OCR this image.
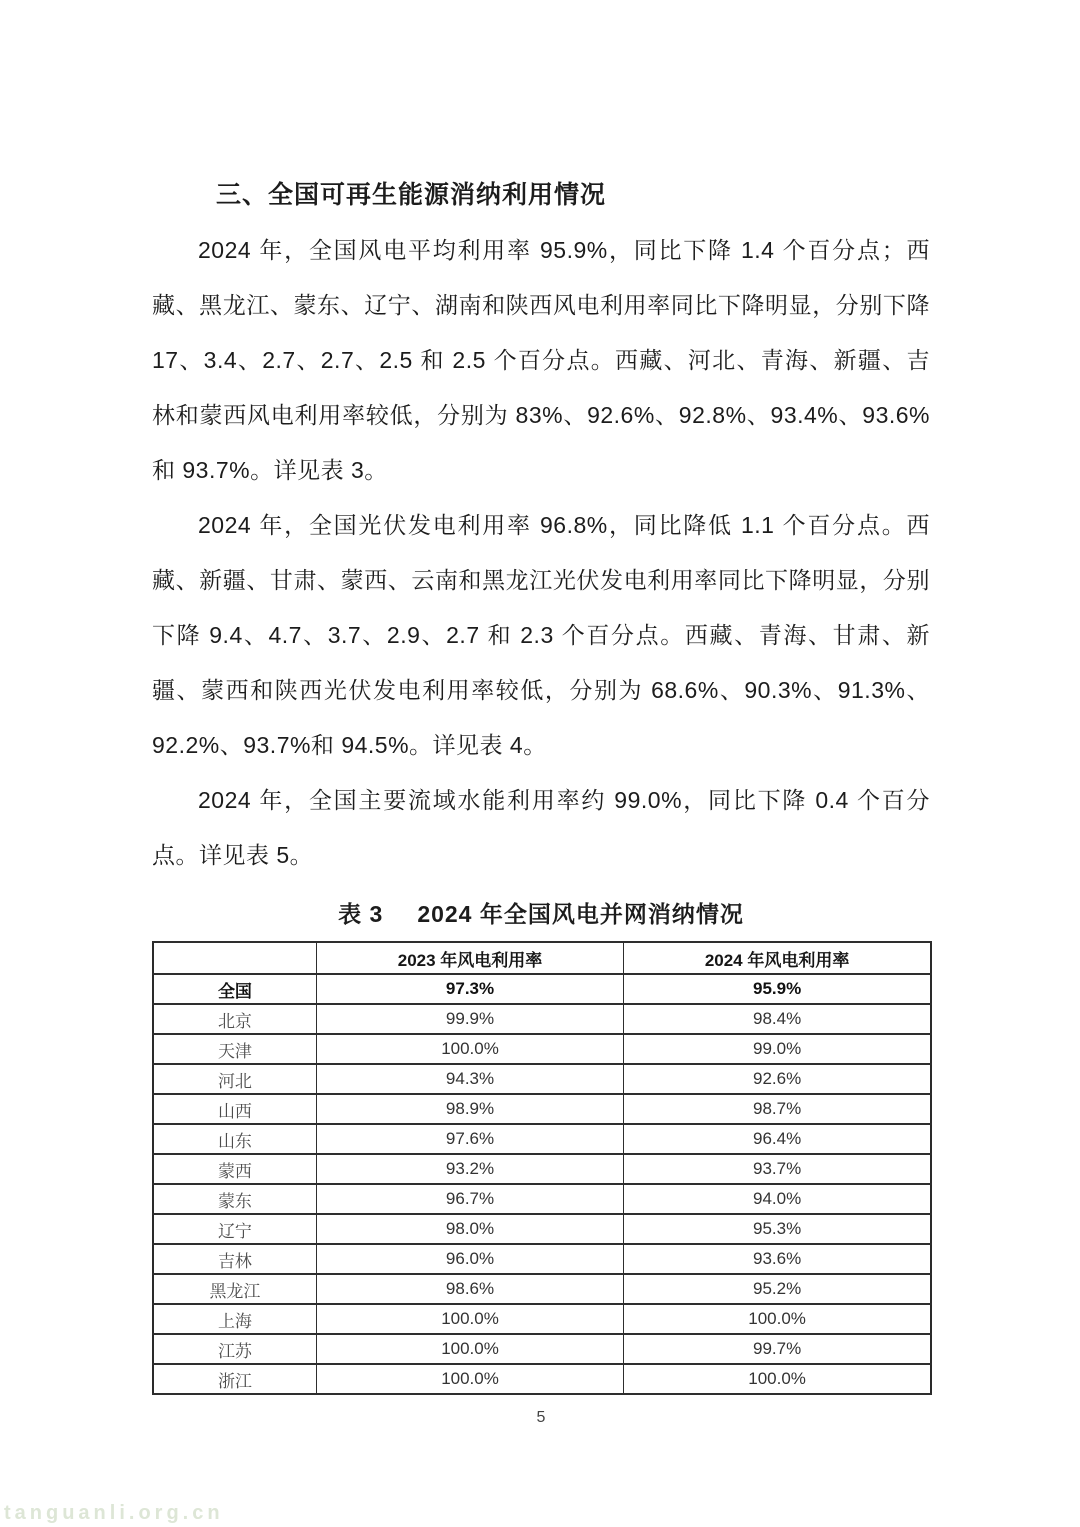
三、全国可再生能源消纳利用情况
2024 年，全国风电平均利用率 95.9%，同比下降 1.4 个百分点；西藏、黑龙江、蒙东、辽宁、湖南和陕西风电利用率同比下降明显，分别下降 17、3.4、2.7、2.7、2.5 和 2.5 个百分点。西藏、河北、青海、新疆、吉林和蒙西风电利用率较低，分别为 83%、92.6%、92.8%、93.4%、93.6%和 93.7%。详见表 3。
2024 年，全国光伏发电利用率 96.8%，同比降低 1.1 个百分点。西藏、新疆、甘肃、蒙西、云南和黑龙江光伏发电利用率同比下降明显，分别下降 9.4、4.7、3.7、2.9、2.7 和 2.3 个百分点。西藏、青海、甘肃、新疆、蒙西和陕西光伏发电利用率较低，分别为 68.6%、90.3%、91.3%、92.2%、93.7%和 94.5%。详见表 4。
2024 年，全国主要流域水能利用率约 99.0%，同比下降 0.4 个百分点。详见表 5。
表 3 2024 年全国风电并网消纳情况
	2023 年风电利用率	2024 年风电利用率
全国	97.3%	95.9%
北京	99.9%	98.4%
天津	100.0%	99.0%
河北	94.3%	92.6%
山西	98.9%	98.7%
山东	97.6%	96.4%
蒙西	93.2%	93.7%
蒙东	96.7%	94.0%
辽宁	98.0%	95.3%
吉林	96.0%	93.6%
黑龙江	98.6%	95.2%
上海	100.0%	100.0%
江苏	100.0%	99.7%
浙江	100.0%	100.0%
5
tanguanli.org.cn
